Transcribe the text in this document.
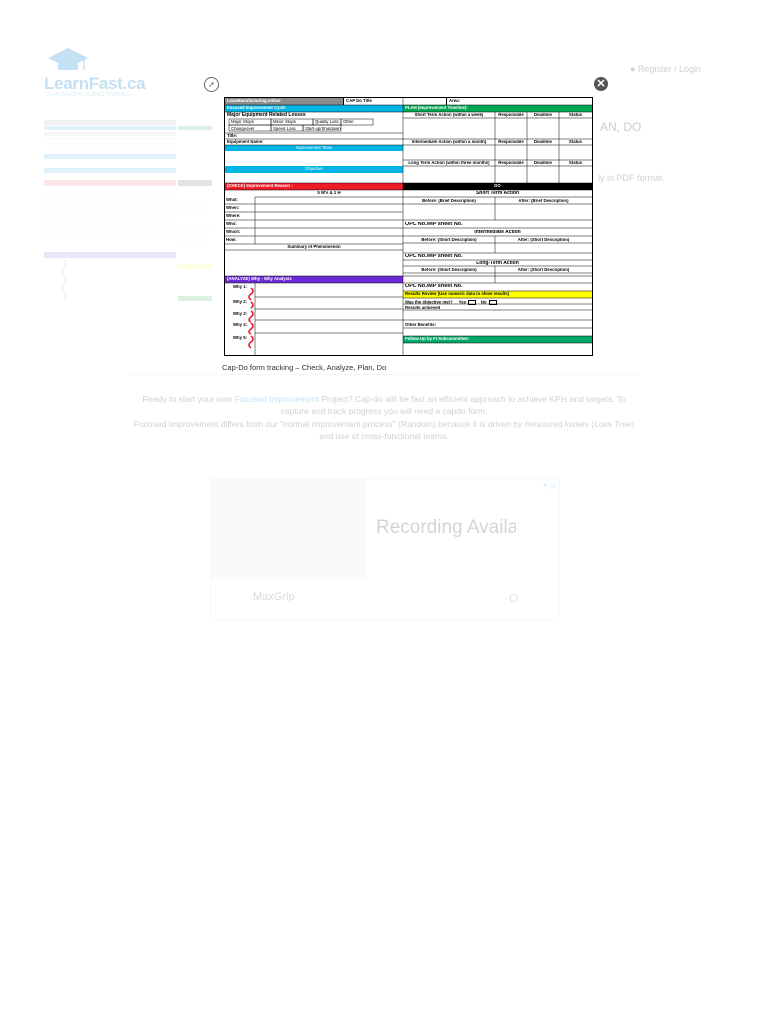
➚	✕
LeanManufacturing.online	CAP Do Title	Area:
Focused Improvement Cycle
Major Equipment Related Losses
Major Stops	Minor Stops	Quality Loss	Other
Changeover	Speed Loss	Start-up/Shutdown
Title:
Equipment Name:
Improvement Team
Objective
PLAN (Improvement Timeline):
Short Term Action (within a week)	Responsible	Deadline	Status
Intermediate Action (within a month)	Responsible	Deadline	Status
Long Term Action (within three months)	Responsible	Deadline	Status
(CHECK) Improvement Reason :
5 W's & 1 H
What:
When:
Where:
Who:
Which:
How:
Summary of Phenomenon
DO
Short Term Action
Before: (Brief Description)	After: (Brief Description)
OPL No./MP sheet No.
Intermediate Action
Before: (Short Description)	After: (Short Description)
OPL No./MP sheet No.
Long-Term Action
Before: (Short Description)	After: (Short Description)
OPL No./MP sheet No.
Results Review (Use numeric data to show results)
Was the objective met? Yes	No
Results achieved
Other Benefits:
Follow-Up by FI Subcommittee:
(ANALYZE) Why - Why Analysis
Why 1:
Why 2:
Why 3:
Why 4:
Why 5:
Cap-Do form tracking – Check, Analyze, Plan, Do
